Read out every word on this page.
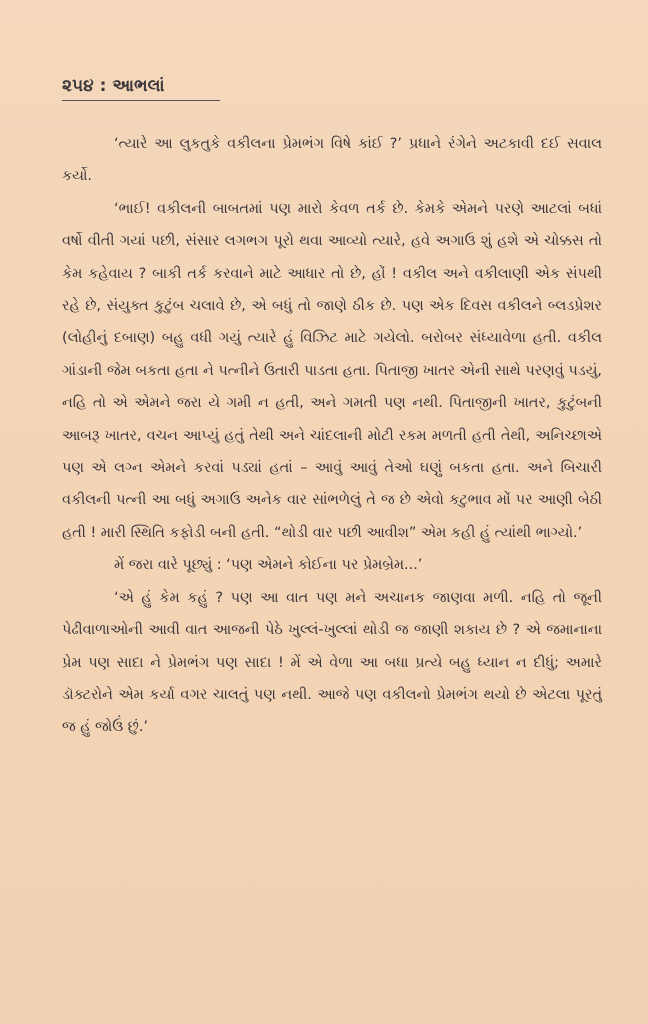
૨૫૪ : આભલાં

‘ત્યારે આ લુકતુકે વકીલના પ્રેમભંગ વિષે કાંઈ ?’ પ્રધાને રંગેને અટકાવી દઈ સવાલ કર્યો.

‘ભાઈ! વકીલની બાબતમાં પણ મારો કેવળ તર્ક છે. કેમકે એમને પરણે આટલાં બધાં વર્ષો વીતી ગયાં પછી, સંસાર લગભગ પૂરો થવા આવ્યો ત્યારે, હવે અગાઉ શું હશે એ ચોક્કસ તો કેમ કહેવાય ? બાકી તર્ક કરવાને માટે આધાર તો છે, હોં ! વકીલ અને વકીલાણી એક સંપથી રહે છે, સંયુક્ત કુટુંબ ચલાવે છે, એ બધું તો જાણે ઠીક છે. પણ એક દિવસ વકીલને બ્લડપ્રેશર (લોહીનું દબાણ) બહુ વધી ગયું ત્યારે હું વિઝિટ માટે ગયેલો. બરોબર સંધ્યાવેળા હતી. વકીલ ગાંડાની જેમ બકતા હતા ને પત્નીને ઉતારી પાડતા હતા. પિતાજી ખાતર એની સાથે પરણવું પડયું, નહિ તો એ એમને જરા યે ગમી ન હતી, અને ગમતી પણ નથી. પિતાજીની ખાતર, કુટુંબની આબરૂ ખાતર, વચન આપ્યું હતું તેથી અને ચાંદલાની મોટી રકમ મળતી હતી તેથી, અનિચ્છાએ પણ એ લગ્ન એમને કરવાં પડ્યાં હતાં – આવું આવું તેઓ ઘણું બકતા હતા. અને બિચારી વકીલની પત્ની આ બધું અગાઉ અનેક વાર સાંભળેલું તે જ છે એવો કટુભાવ મોં પર આણી બેઠી હતી ! મારી સ્થિતિ કફોડી બની હતી. “થોડી વાર પછી આવીશ” એમ કહી હું ત્યાંથી ભાગ્યો.’

મેં જરા વારે પૂછ્યું : ‘પણ એમને કોઈના પર પ્રેમબ્રેમ...’

‘એ હું કેમ કહું ? પણ આ વાત પણ મને અચાનક જાણવા મળી. નહિ તો જૂની પેઢીવાળાઓની આવી વાત આજની પેઠે ખુલ્લં-ખુલ્લાં થોડી જ જાણી શકાય છે ? એ જમાનાના પ્રેમ પણ સાદા ને પ્રેમભંગ પણ સાદા ! મેં એ વેળા આ બધા પ્રત્યે બહુ ધ્યાન ન દીધું; અમારે ડૉક્ટરોને એમ કર્યા વગર ચાલતું પણ નથી. આજે પણ વકીલનો પ્રેમભંગ થયો છે એટલા પૂરતું જ હું જોઉં છું.’
